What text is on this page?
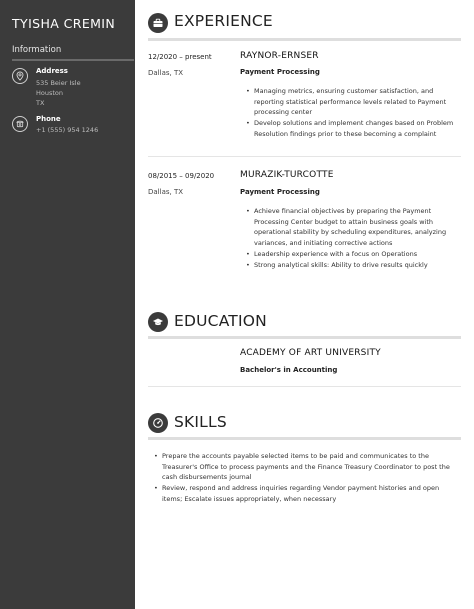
TYISHA CREMIN
Information
Address
535 Beier Isle
Houston
TX
Phone
+1 (555) 954 1246
EXPERIENCE
12/2020 – present
Dallas, TX
RAYNOR-ERNSER
Payment Processing
• Managing metrics, ensuring customer satisfaction, and reporting statistical performance levels related to Payment processing center
• Develop solutions and implement changes based on Problem Resolution findings prior to these becoming a complaint
08/2015 – 09/2020
Dallas, TX
MURAZIK-TURCOTTE
Payment Processing
• Achieve financial objectives by preparing the Payment Processing Center budget to attain business goals with operational stability by scheduling expenditures, analyzing variances, and initiating corrective actions
• Leadership experience with a focus on Operations
• Strong analytical skills: Ability to drive results quickly
EDUCATION
ACADEMY OF ART UNIVERSITY
Bachelor's in Accounting
SKILLS
• Prepare the accounts payable selected items to be paid and communicates to the Treasurer's Office to process payments and the Finance Treasury Coordinator to post the cash disbursements journal
• Review, respond and address inquiries regarding Vendor payment histories and open items; Escalate issues appropriately, when necessary
